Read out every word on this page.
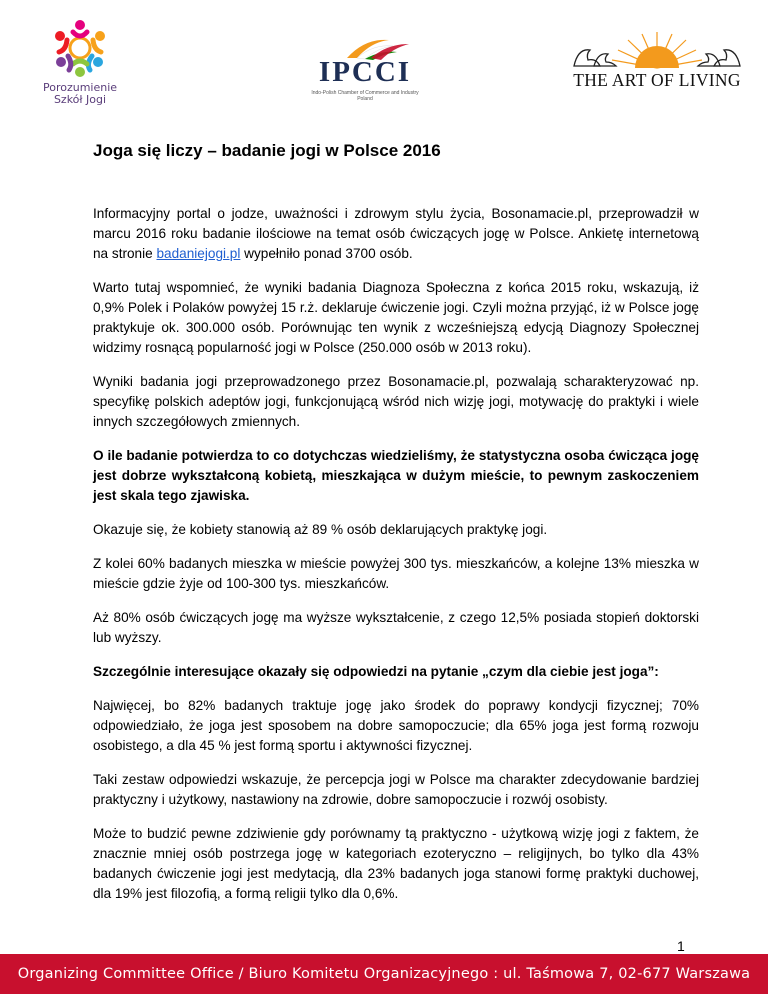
Porozumienie
Szkół Jogi
IPCCI
Indo-Polish Chamber of Commerce and Industry
Poland
THE ART OF LIVING
Joga się liczy – badanie jogi w Polsce 2016

Informacyjny portal o jodze, uważności i zdrowym stylu życia, Bosonamacie.pl, przeprowadził w marcu 2016 roku badanie ilościowe na temat osób ćwiczących jogę w Polsce. Ankietę internetową na stronie badaniejogi.pl wypełniło ponad 3700 osób.

Warto tutaj wspomnieć, że wyniki badania Diagnoza Społeczna z końca 2015 roku, wskazują, iż 0,9% Polek i Polaków powyżej 15 r.ż. deklaruje ćwiczenie jogi. Czyli można przyjąć, iż w Polsce jogę praktykuje ok. 300.000 osób. Porównując ten wynik z wcześniejszą edycją Diagnozy Społecznej widzimy rosnącą popularność jogi w Polsce (250.000 osób w 2013 roku).

Wyniki badania jogi przeprowadzonego przez Bosonamacie.pl, pozwalają scharakteryzować np. specyfikę polskich adeptów jogi, funkcjonującą wśród nich wizję jogi, motywację do praktyki i wiele innych szczegółowych zmiennych.

O ile badanie potwierdza to co dotychczas wiedzieliśmy, że statystyczna osoba ćwicząca jogę jest dobrze wykształconą kobietą, mieszkająca w dużym mieście, to pewnym zaskoczeniem jest skala tego zjawiska.

Okazuje się, że kobiety stanowią aż 89 % osób deklarujących praktykę jogi.

Z kolei 60% badanych mieszka w mieście powyżej 300 tys. mieszkańców, a kolejne 13% mieszka w mieście gdzie żyje od 100-300 tys. mieszkańców.

Aż 80% osób ćwiczących jogę ma wyższe wykształcenie, z czego 12,5% posiada stopień doktorski lub wyższy.

Szczególnie interesujące okazały się odpowiedzi na pytanie „czym dla ciebie jest joga”:

Najwięcej, bo 82% badanych traktuje jogę jako środek do poprawy kondycji fizycznej; 70% odpowiedziało, że joga jest sposobem na dobre samopoczucie; dla 65% joga jest formą rozwoju osobistego, a dla 45 % jest formą sportu i aktywności fizycznej.

Taki zestaw odpowiedzi wskazuje, że percepcja jogi w Polsce ma charakter zdecydowanie bardziej praktyczny i użytkowy, nastawiony na zdrowie, dobre samopoczucie i rozwój osobisty.

Może to budzić pewne zdziwienie gdy porównamy tą praktyczno - użytkową wizję jogi z faktem, że znacznie mniej osób postrzega jogę w kategoriach ezoteryczno – religijnych, bo tylko dla 43% badanych ćwiczenie jogi jest medytacją, dla 23% badanych joga stanowi formę praktyki duchowej, dla 19% jest filozofią, a formą religii tylko dla 0,6%.

1
Organizing Committee Office / Biuro Komitetu Organizacyjnego : ul. Taśmowa 7, 02-677 Warszawa
